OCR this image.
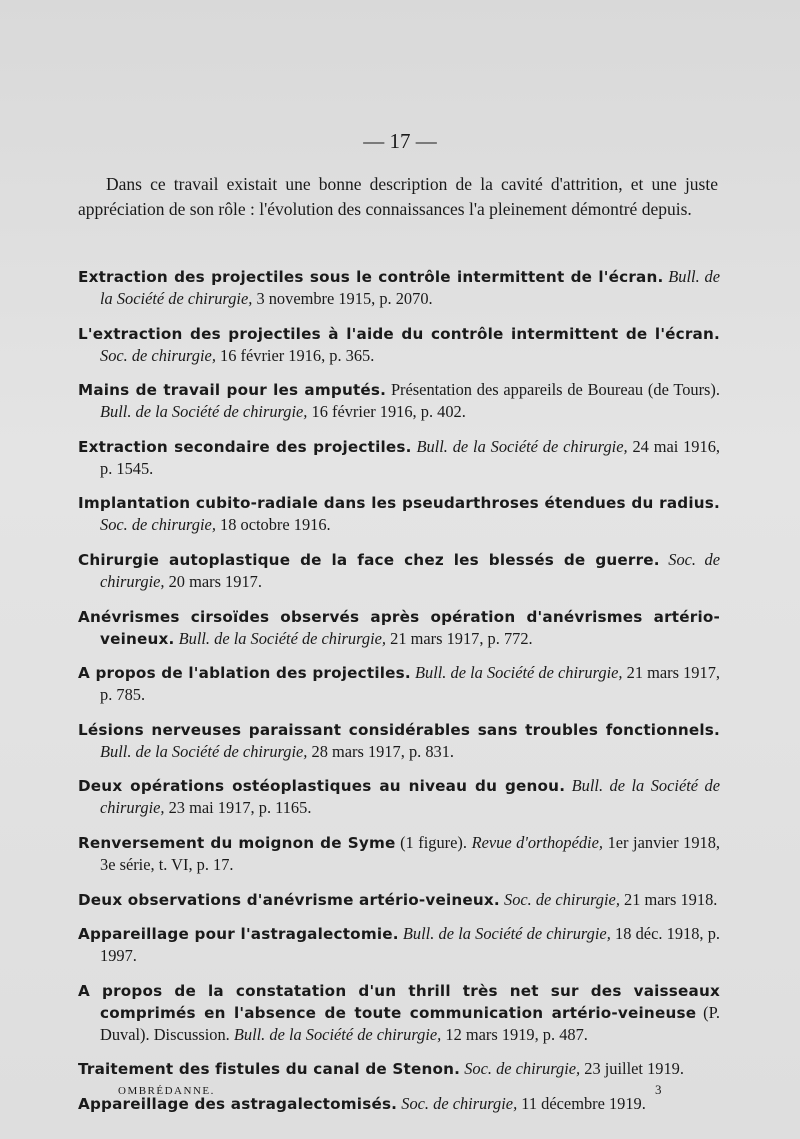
— 17 —

Dans ce travail existait une bonne description de la cavité d'attrition, et une juste appréciation de son rôle : l'évolution des connaissances l'a pleinement démontré depuis.

Extraction des projectiles sous le contrôle intermittent de l'écran. Bull. de la Société de chirurgie, 3 novembre 1915, p. 2070.

L'extraction des projectiles à l'aide du contrôle intermittent de l'écran. Soc. de chirurgie, 16 février 1916, p. 365.

Mains de travail pour les amputés. Présentation des appareils de Boureau (de Tours). Bull. de la Société de chirurgie, 16 février 1916, p. 402.

Extraction secondaire des projectiles. Bull. de la Société de chirurgie, 24 mai 1916, p. 1545.

Implantation cubito-radiale dans les pseudarthroses étendues du radius. Soc. de chirurgie, 18 octobre 1916.

Chirurgie autoplastique de la face chez les blessés de guerre. Soc. de chirurgie, 20 mars 1917.

Anévrismes cirsoïdes observés après opération d'anévrismes artério-veineux. Bull. de la Société de chirurgie, 21 mars 1917, p. 772.

A propos de l'ablation des projectiles. Bull. de la Société de chirurgie, 21 mars 1917, p. 785.

Lésions nerveuses paraissant considérables sans troubles fonctionnels. Bull. de la Société de chirurgie, 28 mars 1917, p. 831.

Deux opérations ostéoplastiques au niveau du genou. Bull. de la Société de chirurgie, 23 mai 1917, p. 1165.

Renversement du moignon de Syme (1 figure). Revue d'orthopédie, 1er janvier 1918, 3e série, t. VI, p. 17.

Deux observations d'anévrisme artério-veineux. Soc. de chirurgie, 21 mars 1918.

Appareillage pour l'astragalectomie. Bull. de la Société de chirurgie, 18 déc. 1918, p. 1997.

A propos de la constatation d'un thrill très net sur des vaisseaux comprimés en l'absence de toute communication artério-veineuse (P. Duval). Discussion. Bull. de la Société de chirurgie, 12 mars 1919, p. 487.

Traitement des fistules du canal de Stenon. Soc. de chirurgie, 23 juillet 1919.

Appareillage des astragalectomisés. Soc. de chirurgie, 11 décembre 1919.

OMBRÉDANNE.	3
